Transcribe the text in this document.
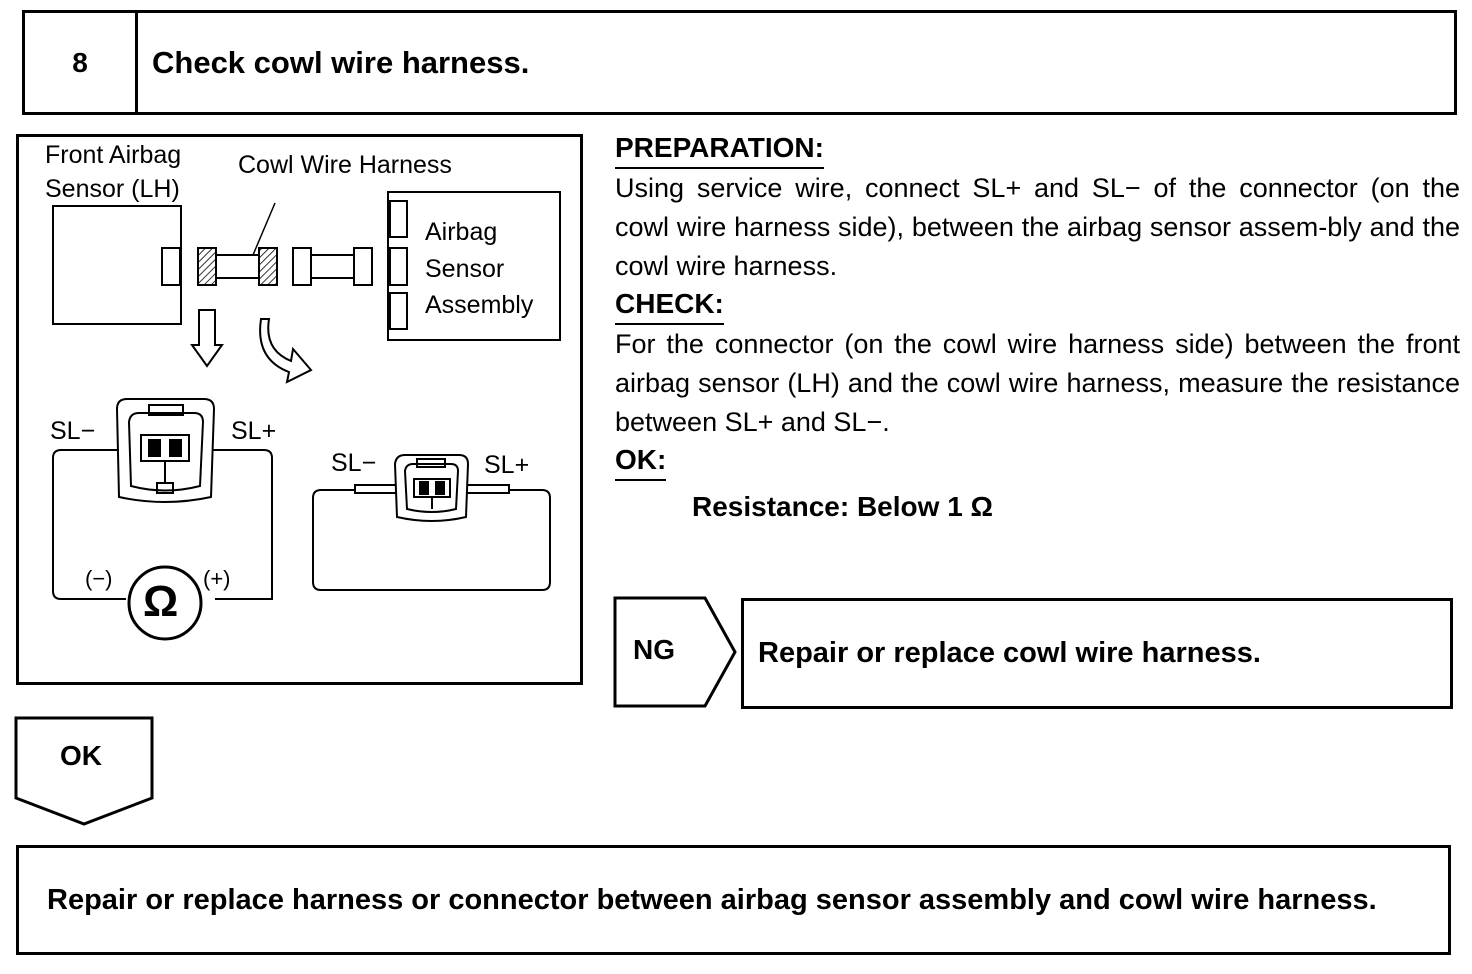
8	Check cowl wire harness.
Front Airbag
Sensor (LH)
Cowl Wire Harness
Airbag
Sensor
Assembly
SL−	SL+
(−)	(+)
Ω
SL−	SL+
PREPARATION:
Using service wire, connect SL+ and SL− of the connector (on the cowl wire harness side), between the airbag sensor assem-bly and the cowl wire harness.
CHECK:
For the connector (on the cowl wire harness side) between the front airbag sensor (LH) and the cowl wire harness, measure the resistance between SL+ and SL−.
OK:
Resistance: Below 1 Ω
NG	Repair or replace cowl wire harness.
OK
Repair or replace harness or connector between airbag sensor assembly and cowl wire harness.
